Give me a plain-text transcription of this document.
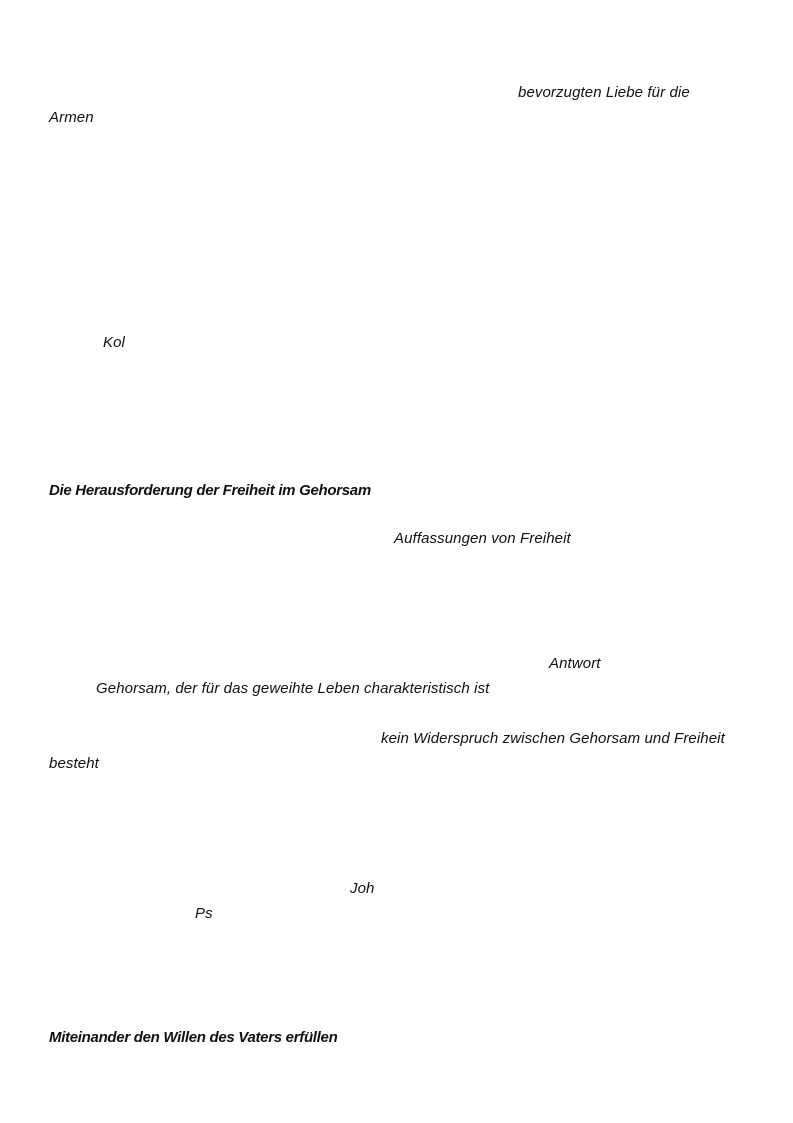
bevorzugten Liebe für die
Armen
Kol
Die Herausforderung der Freiheit im Gehorsam
Auffassungen von Freiheit
Antwort
Gehorsam, der für das geweihte Leben charakteristisch ist
kein Widerspruch zwischen Gehorsam und Freiheit
besteht
Joh
Ps
Miteinander den Willen des Vaters erfüllen
